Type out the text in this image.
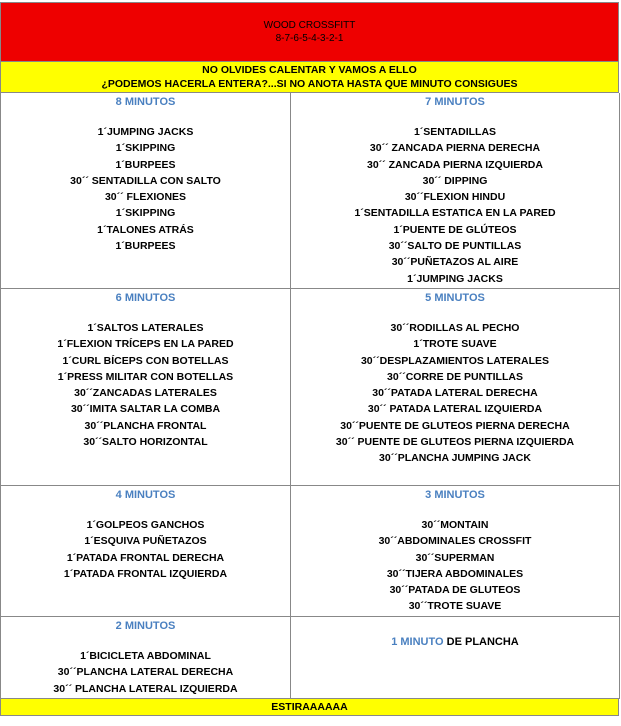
WOOD CROSSFITT
8-7-6-5-4-3-2-1
NO OLVIDES CALENTAR Y VAMOS A ELLO
¿PODEMOS HACERLA ENTERA?...SI NO ANOTA HASTA QUE MINUTO CONSIGUES
8 MINUTOS
1´JUMPING JACKS
1´SKIPPING
1´BURPEES
30´´ SENTADILLA CON SALTO
30´´ FLEXIONES
1´SKIPPING
1´TALONES ATRÁS
1´BURPEES
7 MINUTOS
1´SENTADILLAS
30´´ ZANCADA PIERNA DERECHA
30´´ ZANCADA PIERNA IZQUIERDA
30´´ DIPPING
30´´FLEXION HINDU
1´SENTADILLA ESTATICA EN LA PARED
1´PUENTE DE GLÚTEOS
30´´SALTO DE PUNTILLAS
30´´PUÑETAZOS AL AIRE
1´JUMPING JACKS
6 MINUTOS
1´SALTOS LATERALES
1´FLEXION TRÍCEPS EN LA PARED
1´CURL BÍCEPS CON BOTELLAS
1´PRESS MILITAR CON BOTELLAS
30´´ZANCADAS LATERALES
30´´IMITA SALTAR LA COMBA
30´´PLANCHA FRONTAL
30´´SALTO HORIZONTAL
5 MINUTOS
30´´RODILLAS AL PECHO
1´TROTE SUAVE
30´´DESPLAZAMIENTOS LATERALES
30´´CORRE DE PUNTILLAS
30´´PATADA LATERAL DERECHA
30´´ PATADA LATERAL IZQUIERDA
30´´PUENTE DE GLUTEOS PIERNA DERECHA
30´´ PUENTE DE GLUTEOS PIERNA IZQUIERDA
30´´PLANCHA JUMPING JACK
4 MINUTOS
1´GOLPEOS GANCHOS
1´ESQUIVA PUÑETAZOS
1´PATADA FRONTAL DERECHA
1´PATADA FRONTAL IZQUIERDA
3 MINUTOS
30´´MONTAIN
30´´ABDOMINALES CROSSFIT
30´´SUPERMAN
30´´TIJERA ABDOMINALES
30´´PATADA DE GLUTEOS
30´´TROTE SUAVE
2 MINUTOS
1´BICICLETA ABDOMINAL
30´´PLANCHA LATERAL DERECHA
30´´ PLANCHA LATERAL IZQUIERDA
1 MINUTO DE PLANCHA
ESTIRAAAAAA
